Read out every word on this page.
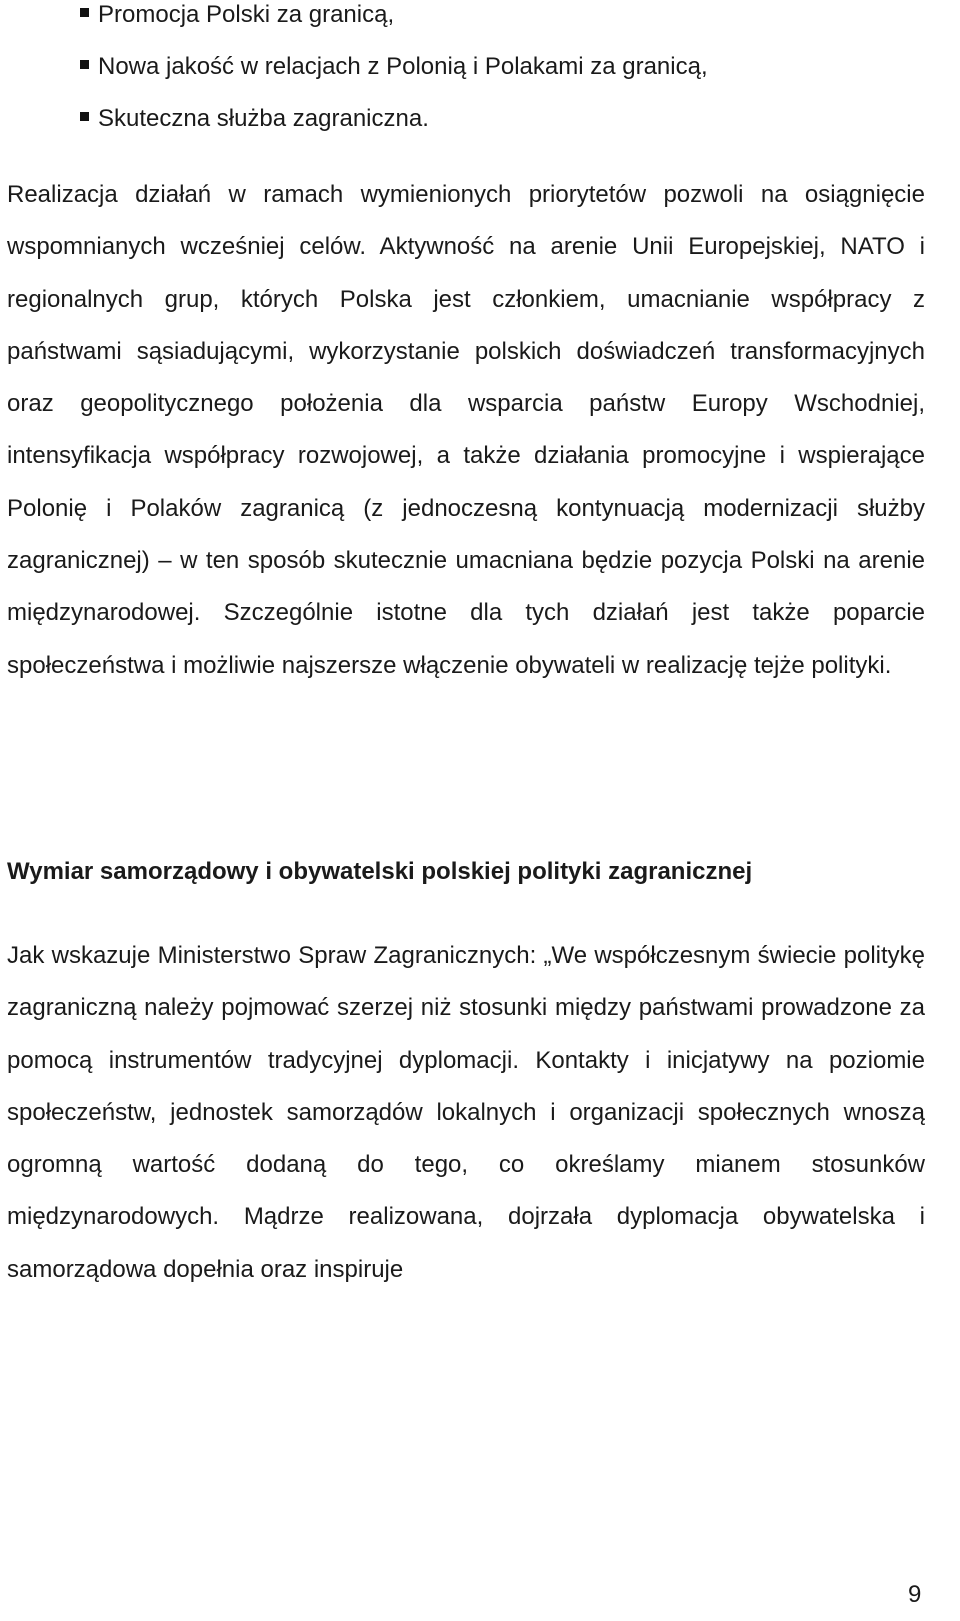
Promocja Polski za granicą,
Nowa jakość w relacjach z Polonią i Polakami za granicą,
Skuteczna służba zagraniczna.

Realizacja działań w ramach wymienionych priorytetów pozwoli na osiągnięcie wspomnianych wcześniej celów. Aktywność na arenie Unii Europejskiej, NATO i regionalnych grup, których Polska jest członkiem, umacnianie współpracy z państwami sąsiadującymi, wykorzystanie polskich doświadczeń transformacyjnych oraz geopolitycznego położenia dla wsparcia państw Europy Wschodniej, intensyfikacja współpracy rozwojowej, a także działania promocyjne i wspierające Polonię i Polaków zagranicą (z jednoczesną kontynuacją modernizacji służby zagranicznej) – w ten sposób skutecznie umacniana będzie pozycja Polski na arenie międzynarodowej. Szczególnie istotne dla tych działań jest także poparcie społeczeństwa i możliwie najszersze włączenie obywateli w realizację tejże polityki.

Wymiar samorządowy i obywatelski polskiej polityki zagranicznej

Jak wskazuje Ministerstwo Spraw Zagranicznych: „We współczesnym świecie politykę zagraniczną należy pojmować szerzej niż stosunki między państwami prowadzone za pomocą instrumentów tradycyjnej dyplomacji. Kontakty i inicjatywy na poziomie społeczeństw, jednostek samorządów lokalnych i organizacji społecznych wnoszą ogromną wartość dodaną do tego, co określamy mianem stosunków międzynarodowych. Mądrze realizowana, dojrzała dyplomacja obywatelska i samorządowa dopełnia oraz inspiruje

9
